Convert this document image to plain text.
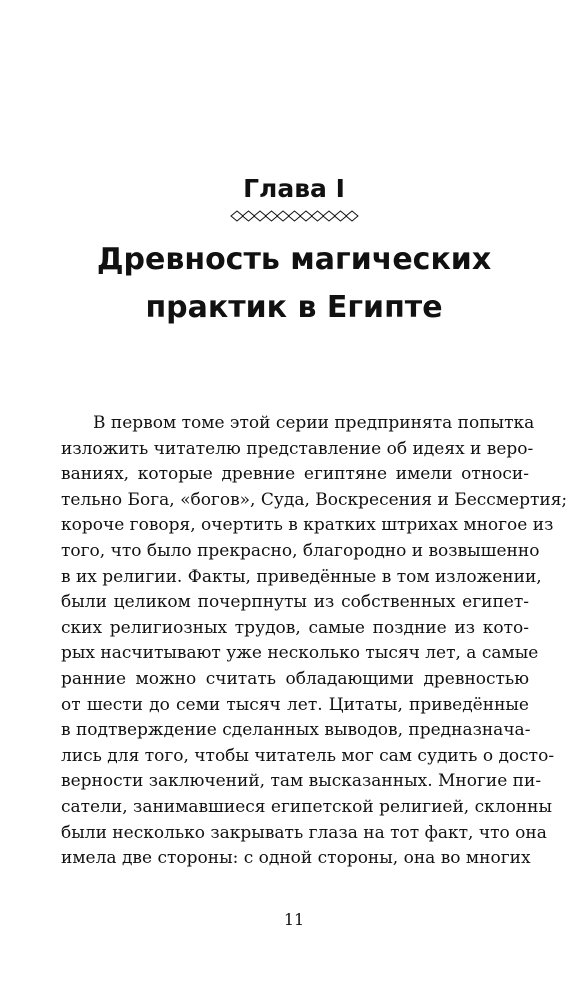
Глава I
Древность магических
практик в Египте
В первом томе этой серии предпринята попытка
изложить читателю представление об идеях и веро-
ваниях, которые древние египтяне имели относи-
тельно Бога, «богов», Суда, Воскресения и Бессмертия;
короче говоря, очертить в кратких штрихах многое из
того, что было прекрасно, благородно и возвышенно
в их религии. Факты, приведённые в том изложении,
были целиком почерпнуты из собственных египет-
ских религиозных трудов, самые поздние из кото-
рых насчитывают уже несколько тысяч лет, а самые
ранние можно считать обладающими древностью
от шести до семи тысяч лет. Цитаты, приведённые
в подтверждение сделанных выводов, предназнача-
лись для того, чтобы читатель мог сам судить о досто-
верности заключений, там высказанных. Многие пи-
сатели, занимавшиеся египетской религией, склонны
были несколько закрывать глаза на тот факт, что она
имела две стороны: с одной стороны, она во многих
11
